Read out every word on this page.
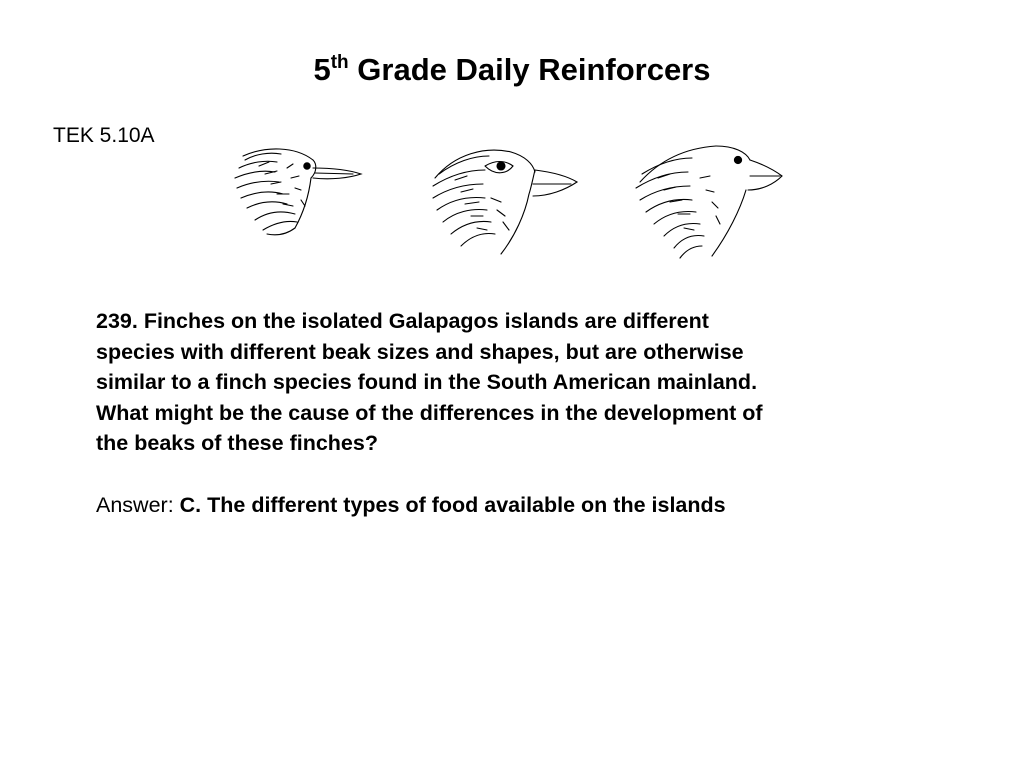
5th Grade Daily Reinforcers
TEK 5.10A
239. Finches on the isolated Galapagos islands are different
species with different beak sizes and shapes, but are otherwise
similar to a finch species found in the South American mainland.
What might be the cause of the differences in the development of
the beaks of these finches?

Answer: C. The different types of food available on the islands
